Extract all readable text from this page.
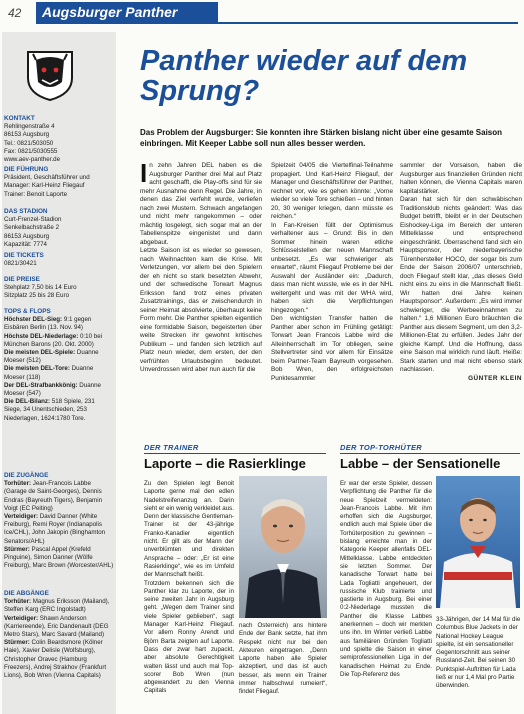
42 Augsburger Panther
KONTAKT
Rehlingenstraße 4
86153 Augsburg
Tel.: 0821/503050
Fax: 0821/5030555
www.aev-panther.de
DIE FÜHRUNG
Präsident, Geschäftsführer und Manager: Karl-Heinz Fliegauf
Trainer: Benoit Laporte
DAS STADION
Curt-Frenzel-Stadion
Senkelbachstraße 2
86153 Augsburg
Kapazität: 7774
DIE TICKETS
0821/30421
DIE PREISE
Stehplatz 7,50 bis 14 Euro
Sitzplatz 25 bis 28 Euro
TOPS & FLOPS
Höchster DEL-Sieg: 9:1 gegen Eisbären Berlin (13. Nov. 94)
Höchste DEL-Niederlage: 0:10 bei München Barons (20. Okt. 2000)
Die meisten DEL-Spiele: Duanne Moeser (512)
Die meisten DEL-Tore: Duanne Moeser (118)
Der DEL-Strafbankkönig: Duanne Moeser (547)
Die DEL-Bilanz: 518 Spiele, 231 Siege, 34 Unentschieden, 253 Niederlagen, 1624:1780 Tore.
DIE ZUGÄNGE
Torhüter: Jean-Francois Labbe (Garage de Saint-Georges), Dennis Endras (Bayreuth Tigers), Benjamin Voigt (EC Peiting)
Verteidiger: David Danner (White Freiburg), Remi Royer (Indianapolis Ice/CHL), John Jakopin (Binghamton Senators/AHL)
Stürmer: Pascal Appel (Krefeld Pinguine), Simon Danner (Wölfe Freiburg), Marc Brown (Worcester/AHL)
DIE ABGÄNGE
Torhüter: Magnus Eriksson (Mailand), Steffen Karg (ERC Ingolstadt)
Verteidiger: Shawn Anderson (Karriereende), Eric Dandenault (DEG Metro Stars), Marc Savard (Mailand)
Stürmer: Colin Beardsmore (Kölner Haie), Xavier Delisle (Wolfsburg), Christopher Oravec (Hamburg Freezers), Andrej Strakhov (Frankfurt Lions), Bob Wren (Vienna Capitals)
Panther wieder auf dem Sprung?
Das Problem der Augsburger: Sie konnten ihre Stärken bislang nicht über eine gesamte Saison einbringen. Mit Keeper Labbe soll nun alles besser werden.
In zehn Jahren DEL haben es die Augsburger Panther drei Mal auf Platz acht geschafft, die Play-offs sind für sie mehr Ausnahme denn Regel. Die Jahre, in denen das Ziel verfehlt wurde, verliefen nach zwei Mustern. Schwach angefangen und nicht mehr rangekommen – oder mächtig losgelegt, sich sogar mal an der Tabellenspitze eingenistet und dann abgebaut.
Letzte Saison ist es wieder so gewesen, nach Weihnachten kam die Krise. Mit Verletzungen, vor allem bei den Spielern der eh nicht so stark besetzten Abwehr, und der schwedische Torwart Magnus Eriksson fand trotz eines privaten Zusatztrainings, das er zwischendurch in seiner Heimat absolvierte, überhaupt keine Form mehr. Die Panther spielten eigentlich eine formidable Saison, begeisterten über weite Strecken ihr gewohnt kritisches Publikum – und fanden sich letztlich auf Platz neun wieder, dem ersten, der den verfrühten Urlaubsbeginn bedeutet. Unverdrossen wird aber nun auch für die
Spielzeit 04/05 die Viertelfinal-Teilnahme propagiert. Und Karl-Heinz Fliegauf, der Manager und Geschäftsführer der Panther, rechnet vor, wie es gehen könnte: „Vorne wieder so viele Tore schießen – und hinten 20, 30 weniger kriegen, dann müsste es reichen.“
In Fan-Kreisen füllt der Optimismus verhaltener aus – Grund: Bis in den Sommer hinein waren etliche Schlüsselstellen der neuen Mannschaft unbesetzt. „Es war schwieriger als erwartet“, räumt Fliegauf Probleme bei der Auswahl der Ausländer ein: „Dadurch, dass man nicht wusste, wie es in der NHL weitergeht und was mit der WHA wird, haben sich die Verpflichtungen hingezogen.“
Den wichtigsten Transfer hatten die Panther aber schon im Frühling getätigt: Torwart Jean Francois Labbe wird die Alleinherrschaft im Tor obliegen, seine Stellvertreter sind vor allem für Einsätze beim Partner-Team Bayreuth vorgesehen. Bob Wren, den erfolgreichsten Punktesammler
sammler der Vorsaison, haben die Augsburger aus finanziellen Gründen nicht halten können, die Vienna Capitals waren kapitalstärker.
Daran hat sich für den schwäbischen Traditionsklub nichts geändert: Was das Budget betrifft, bleibt er in der Deutschen Eishockey-Liga im Bereich der unteren Mittelklasse und entsprechend eingeschränkt. Überraschend fand sich ein Hauptsponsor, der niederbayerische Türenhersteller HOCO, der sogar bis zum Ende der Saison 2006/07 unterschrieb, doch Fliegauf stellt klar, „das dieses Geld nicht eins zu eins in die Mannschaft fließt. Wir hatten drei Jahre keinen Hauptsponsor“. Außerdem: „Es wird immer schwieriger, die Werbeeinnahmen zu halten.“ 1,6 Millionen Euro bräuchten die Panther aus diesem Segment, um den 3,2-Millionen-Etat zu erfüllen. Jedes Jahr der gleiche Kampf. Und die Hoffnung, dass eine Saison mal wirklich rund läuft. Heiße: Stark starten und mal nicht ebenso stark nachlassen.
GÜNTER KLEIN
DER TRAINER
Laporte – die Rasierklinge
Zu den Spielen legt Benoit Laporte gerne mal den edlen Nadelstreifenanzug an. Darin sieht er ein wenig verkleidet aus. Denn der klassische Gentleman-Trainer ist der 43-jährige Franko-Kanadier eigentlich nicht. Er gilt als der Mann der unverblümten und direkten Ansprache – oder: „Er ist eine Rasierklinge“, wie es im Umfeld der Mannschaft heißt.
Trotzdem bekennen sich die Panther klar zu Laporte, der in seine zweiten Jahr in Augsburg geht. „Wegen dem Trainer sind viele Spieler geblieben“, sagt Manager Karl-Heinz Fliegauf. Vor allem Ronny Arendt und Björn Barta zeigten auf Laporte. Dass der zwar hart zupackt, aber absolute Gerechtigkeit walten lässt und auch mal Top-scorer Bob Wren (nun abgewandert zu den Vienna Capitals
nach Österreich) ans hintere Ende der Bank setzte, hat ihm Respekt nicht nur bei den Akteuren eingetragen. „Denn Laporte haben alle Spieler akzeptiert, und das ist auch besser, als wenn ein Trainer immer halbschwul rumeiert“, findet Fliegauf.
DER TOP-TORHÜTER
Labbe – der Sensationelle
Er war der erste Spieler, dessen Verpflichtung die Panther für die neue Spielzeit vermeldeten: Jean-Francois Labbe. Mit ihm erhoffen sich die Augsburger, endlich auch mal Spiele über die Torhüterposition zu gewinnen – bislang erreichte man in der Kategorie Keeper allenfalls DEL-Mittelklasse. Labbe entdeckten sie letzten Sommer. Der kanadische Torwart hatte bei Lada Togliatti angeheuert, der russische Klub trainierte und gastierte in Augsburg. Bei einer 0:2-Niederlage mussten die Panther die Klasse Labbes anerkennen – doch wir merkten uns ihn. Im Winter verließ Labbe aus familiären Gründen Togliatti und spielte die Saison in einer semiprofessionellen Liga in der kanadischen Heimat zu Ende. Die Top-Referenz des
33-Jährigen, der 14 Mal für die Columbus Blue Jackets in der National Hockey League spielte, ist ein sensationeller Gegentorschnitt aus seiner Russland-Zeit. Bei seinen 30 Punktspiel-Auftritten für Lada ließ er nur 1,4 Mal pro Partie überwinden.
